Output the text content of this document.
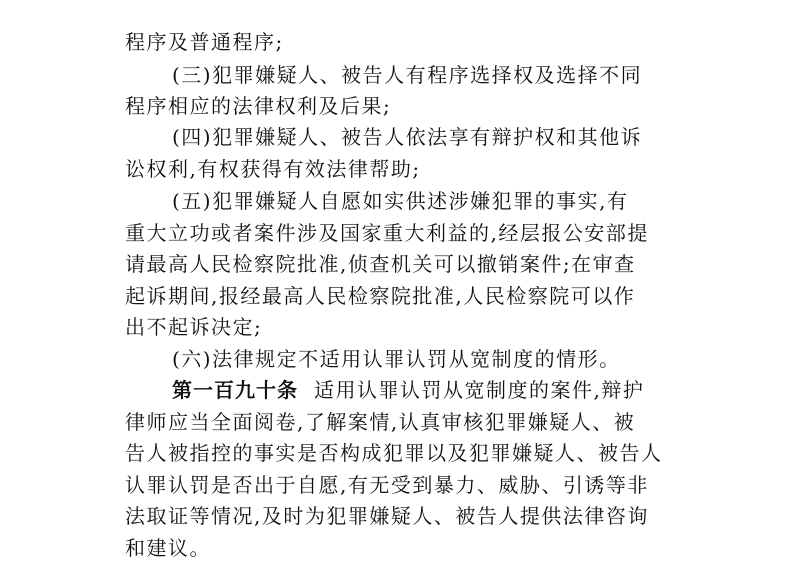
程序及普通程序;
(三)犯罪嫌疑人、被告人有程序选择权及选择不同
程序相应的法律权利及后果;
(四)犯罪嫌疑人、被告人依法享有辩护权和其他诉
讼权利,有权获得有效法律帮助;
(五)犯罪嫌疑人自愿如实供述涉嫌犯罪的事实,有
重大立功或者案件涉及国家重大利益的,经层报公安部提
请最高人民检察院批准,侦查机关可以撤销案件;在审查
起诉期间,报经最高人民检察院批准,人民检察院可以作
出不起诉决定;
(六)法律规定不适用认罪认罚从宽制度的情形。
第一百九十条 适用认罪认罚从宽制度的案件,辩护
律师应当全面阅卷,了解案情,认真审核犯罪嫌疑人、被
告人被指控的事实是否构成犯罪以及犯罪嫌疑人、被告人
认罪认罚是否出于自愿,有无受到暴力、威胁、引诱等非
法取证等情况,及时为犯罪嫌疑人、被告人提供法律咨询
和建议。
